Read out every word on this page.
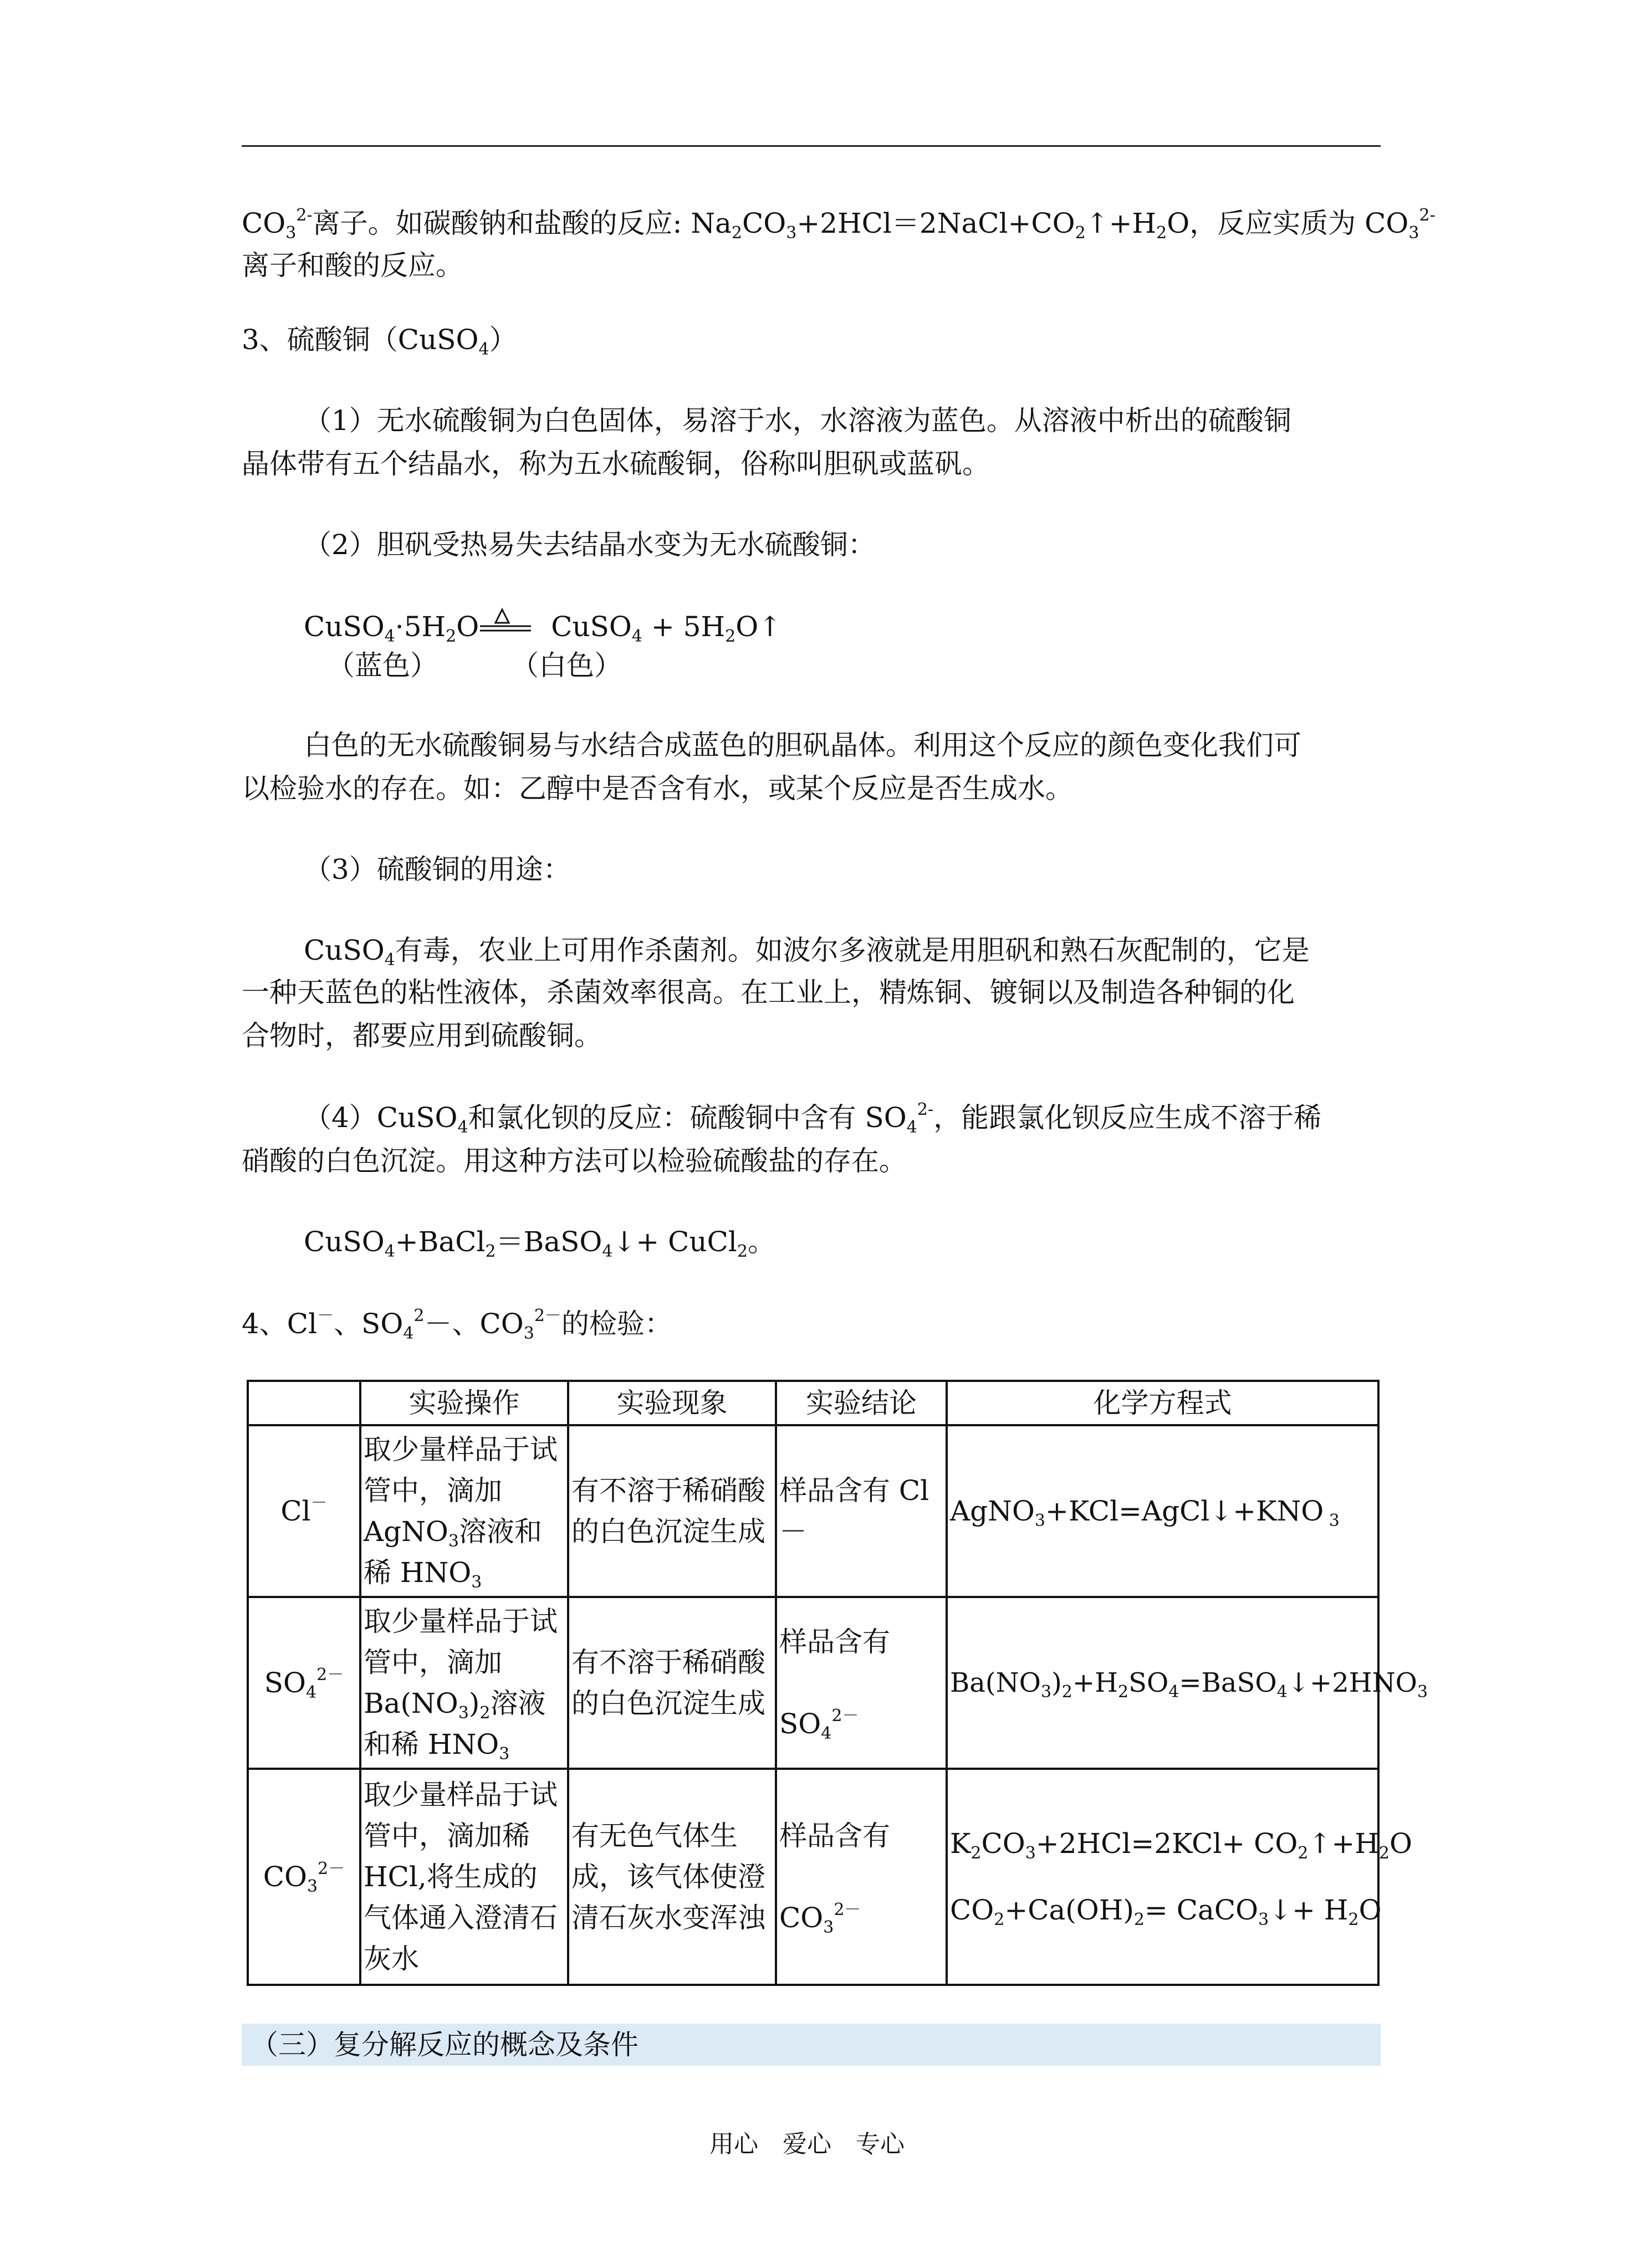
$CO_3^{2-}$离子。如碳酸钠和盐酸的反应: $Na_2CO_3+2HCl=2NaCl+CO_2↑+H_2O$，反应实质为 $CO_3^{2-}$
离子和酸的反应。
3、硫酸铜（CuSO$_4$）
（1）无水硫酸铜为白色固体，易溶于水，水溶液为蓝色。从溶液中析出的硫酸铜
晶体带有五个结晶水，称为五水硫酸铜，俗称叫胆矾或蓝矾。
（2）胆矾受热易失去结晶水变为无水硫酸铜：
$CuSO_4\cdot 5H_2O$	CuSO$_4$ + $5H_2O↑$
（蓝色）	（白色）
白色的无水硫酸铜易与水结合成蓝色的胆矾晶体。利用这个反应的颜色变化我们可
以检验水的存在。如：乙醇中是否含有水，或某个反应是否生成水。
（3）硫酸铜的用途：
CuSO$_4$有毒，农业上可用作杀菌剂。如波尔多液就是用胆矾和熟石灰配制的，它是
一种天蓝色的粘性液体，杀菌效率很高。在工业上，精炼铜、镀铜以及制造各种铜的化
合物时，都要应用到硫酸铜。
（4）CuSO$_4$和氯化钡的反应：硫酸铜中含有 $SO_4^{2-}$，能跟氯化钡反应生成不溶于稀
硝酸的白色沉淀。用这种方法可以检验硫酸盐的存在。
CuSO$_4$+BaCl$_2$＝BaSO$_4$↓+ CuCl$_2$。
4、Cl－、$SO_4^2-$、$CO_3^{2-}$的检验：
	实验操作	实验现象	实验结论	化学方程式
Cl－	取少量样品于试管中，滴加AgNO$_3$溶液和稀 $HNO_3$	有不溶于稀硝酸的白色沉淀生成	样品含有 Cl
－	AgNO$_3$+KCl=AgCl↓+KNO $_3$
$SO_4^{2-}$	取少量样品于试管中，滴加$Ba(NO_3)_2$溶液和稀 $HNO_3$	有不溶于稀硝酸的白色沉淀生成	样品含有

$SO_4^{2-}$	$Ba(NO_3)_2+H_2SO_4=BaSO_4↓+2HNO_3$
$CO_3^{2-}$	取少量样品于试管中，滴加稀HCl,将生成的气体通入澄清石灰水	有无色气体生成，该气体使澄清石灰水变浑浊	样品含有

$CO_3^{2-}$	$K_2CO_3+2HCl=2KCl+$ $CO_2↑+H_2O$
$CO_2+Ca(OH)_2=$ CaCO$_3$↓+ $H_2O$
（三）复分解反应的概念及条件
用心　爱心　专心
